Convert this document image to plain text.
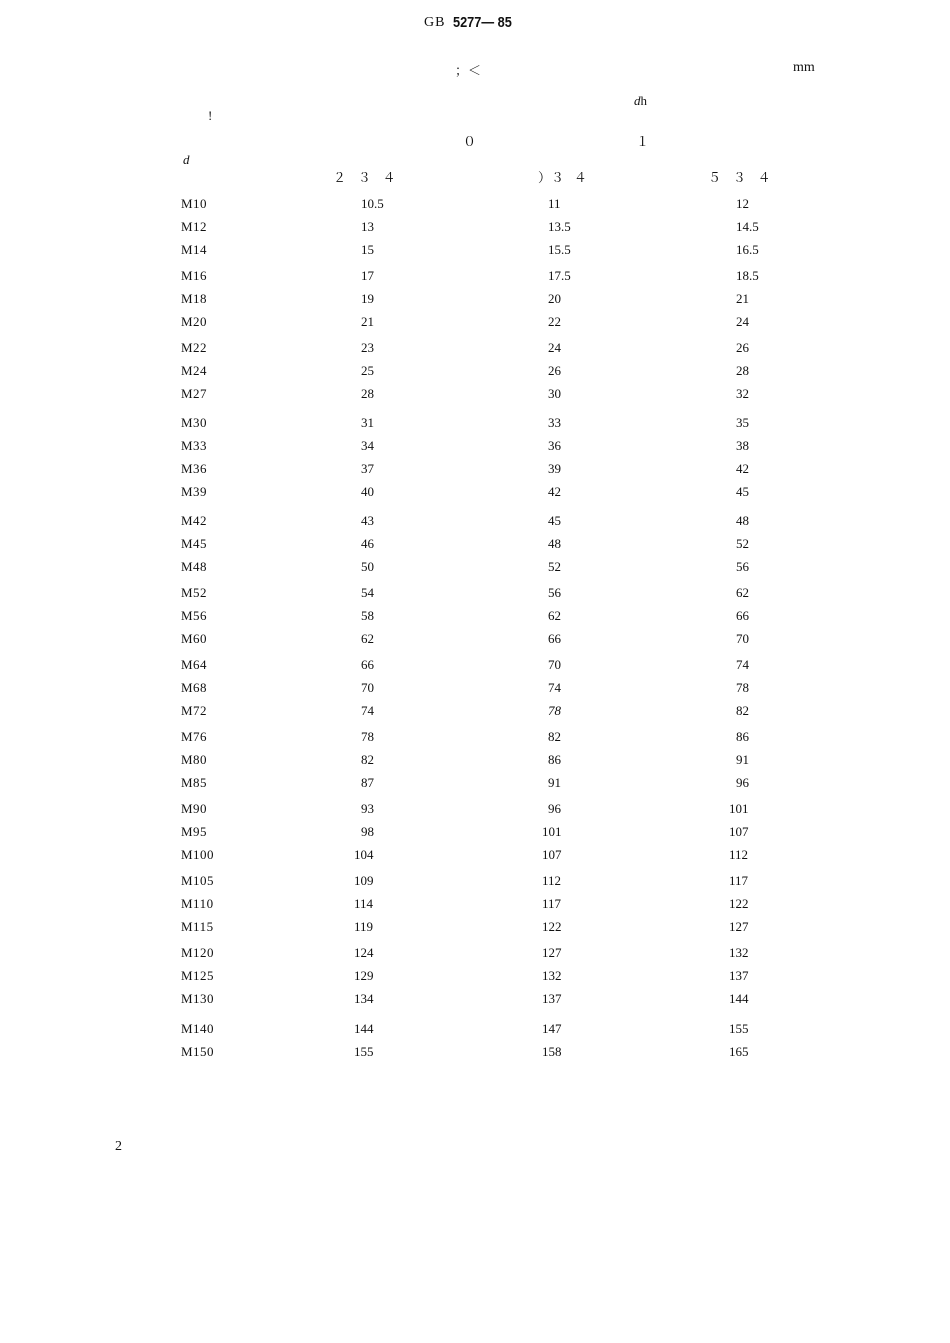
GB 5277— 85
；＜	mm
dh
!
０	１
d
２ ３ ４	）３ ４	５ ３ ４
M10	10.5	11	12
M12	13	13.5	14.5
M14	15	15.5	16.5
M16	17	17.5	18.5
M18	19	20	21
M20	21	22	24
M22	23	24	26
M24	25	26	28
M27	28	30	32
M30	31	33	35
M33	34	36	38
M36	37	39	42
M39	40	42	45
M42	43	45	48
M45	46	48	52
M48	50	52	56
M52	54	56	62
M56	58	62	66
M60	62	66	70
M64	66	70	74
M68	70	74	78
M72	74	78	82
M76	78	82	86
M80	82	86	91
M85	87	91	96
M90	93	96	101
M95	98	101	107
M100	104	107	112
M105	109	112	117
M110	114	117	122
M115	119	122	127
M120	124	127	132
M125	129	132	137
M130	134	137	144
M140	144	147	155
M150	155	158	165
2
